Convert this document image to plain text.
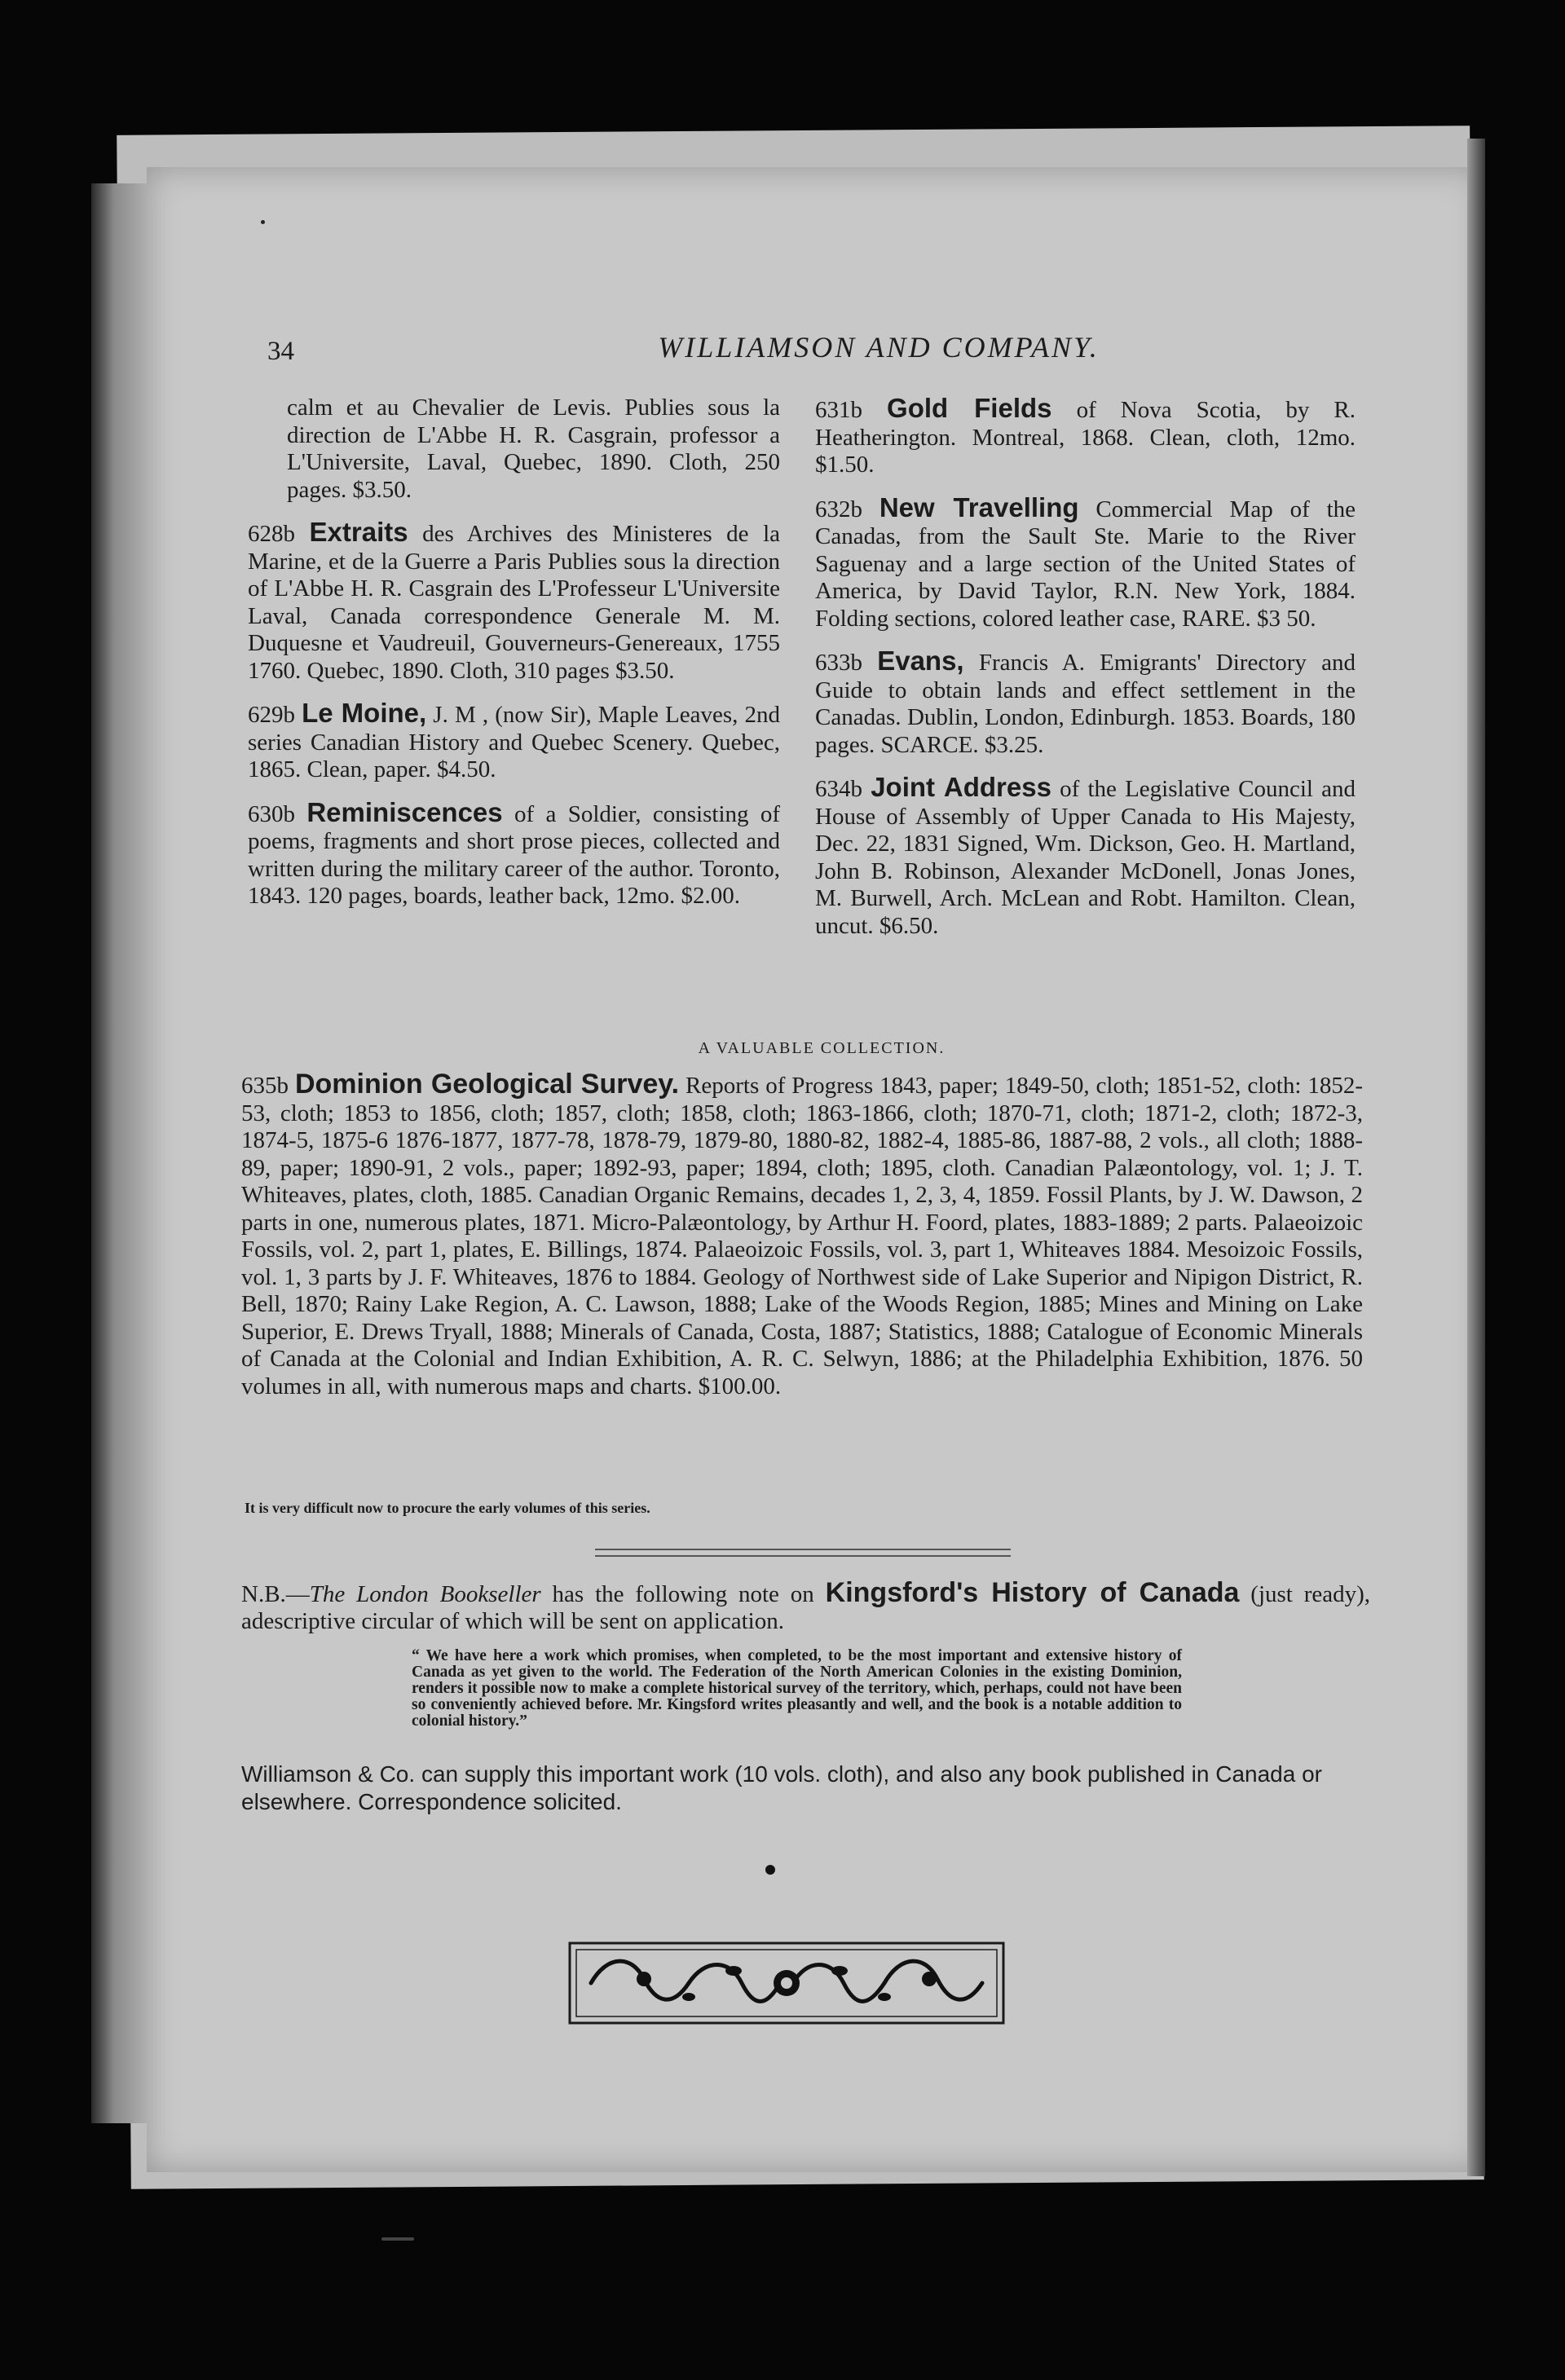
34	WILLIAMSON AND COMPANY.
calm et au Chevalier de Levis. Publies sous la direction de L'Abbe H. R. Casgrain, professor a L'Universite, Laval, Quebec, 1890. Cloth, 250 pages. $3.50.
628b Extraits des Archives des Ministeres de la Marine, et de la Guerre a Paris Publies sous la direction of L'Abbe H. R. Casgrain des L'Professeur L'Universite Laval, Canada correspondence Generale M. M. Duquesne et Vaudreuil, Gouverneurs-Genereaux, 1755 1760. Quebec, 1890. Cloth, 310 pages $3.50.
629b Le Moine, J. M , (now Sir), Maple Leaves, 2nd series Canadian History and Quebec Scenery. Quebec, 1865. Clean, paper. $4.50.
630b Reminiscences of a Soldier, consisting of poems, fragments and short prose pieces, collected and written during the military career of the author. Toronto, 1843. 120 pages, boards, leather back, 12mo. $2.00.
631b Gold Fields of Nova Scotia, by R. Heatherington. Montreal, 1868. Clean, cloth, 12mo. $1.50.
632b New Travelling Commercial Map of the Canadas, from the Sault Ste. Marie to the River Saguenay and a large section of the United States of America, by David Taylor, R.N. New York, 1884. Folding sections, colored leather case, RARE. $3 50.
633b Evans, Francis A. Emigrants' Directory and Guide to obtain lands and effect settlement in the Canadas. Dublin, London, Edinburgh. 1853. Boards, 180 pages. SCARCE. $3.25.
634b Joint Address of the Legislative Council and House of Assembly of Upper Canada to His Majesty, Dec. 22, 1831 Signed, Wm. Dickson, Geo. H. Martland, John B. Robinson, Alexander McDonell, Jonas Jones, M. Burwell, Arch. McLean and Robt. Hamilton. Clean, uncut. $6.50.
A VALUABLE COLLECTION.
635b Dominion Geological Survey. Reports of Progress 1843, paper; 1849-50, cloth; 1851-52, cloth: 1852-53, cloth; 1853 to 1856, cloth; 1857, cloth; 1858, cloth; 1863-1866, cloth; 1870-71, cloth; 1871-2, cloth; 1872-3, 1874-5, 1875-6 1876-1877, 1877-78, 1878-79, 1879-80, 1880-82, 1882-4, 1885-86, 1887-88, 2 vols., all cloth; 1888-89, paper; 1890-91, 2 vols., paper; 1892-93, paper; 1894, cloth; 1895, cloth. Canadian Palæontology, vol. 1; J. T. Whiteaves, plates, cloth, 1885. Canadian Organic Remains, decades 1, 2, 3, 4, 1859. Fossil Plants, by J. W. Dawson, 2 parts in one, numerous plates, 1871. Micro-Palæontology, by Arthur H. Foord, plates, 1883-1889; 2 parts. Palaeoizoic Fossils, vol. 2, part 1, plates, E. Billings, 1874. Palaeoizoic Fossils, vol. 3, part 1, Whiteaves 1884. Mesoizoic Fossils, vol. 1, 3 parts by J. F. Whiteaves, 1876 to 1884. Geology of Northwest side of Lake Superior and Nipigon District, R. Bell, 1870; Rainy Lake Region, A. C. Lawson, 1888; Lake of the Woods Region, 1885; Mines and Mining on Lake Superior, E. Drews Tryall, 1888; Minerals of Canada, Costa, 1887; Statistics, 1888; Catalogue of Economic Minerals of Canada at the Colonial and Indian Exhibition, A. R. C. Selwyn, 1886; at the Philadelphia Exhibition, 1876. 50 volumes in all, with numerous maps and charts. $100.00.
It is very difficult now to procure the early volumes of this series.
N.B.—The London Bookseller has the following note on Kingsford's History of Canada (just ready), adescriptive circular of which will be sent on application.
“ We have here a work which promises, when completed, to be the most important and extensive history of Canada as yet given to the world. The Federation of the North American Colonies in the existing Dominion, renders it possible now to make a complete historical survey of the territory, which, perhaps, could not have been so conveniently achieved before. Mr. Kingsford writes pleasantly and well, and the book is a notable addition to colonial history.”
Williamson & Co. can supply this important work (10 vols. cloth), and also any book published in Canada or elsewhere. Correspondence solicited.
